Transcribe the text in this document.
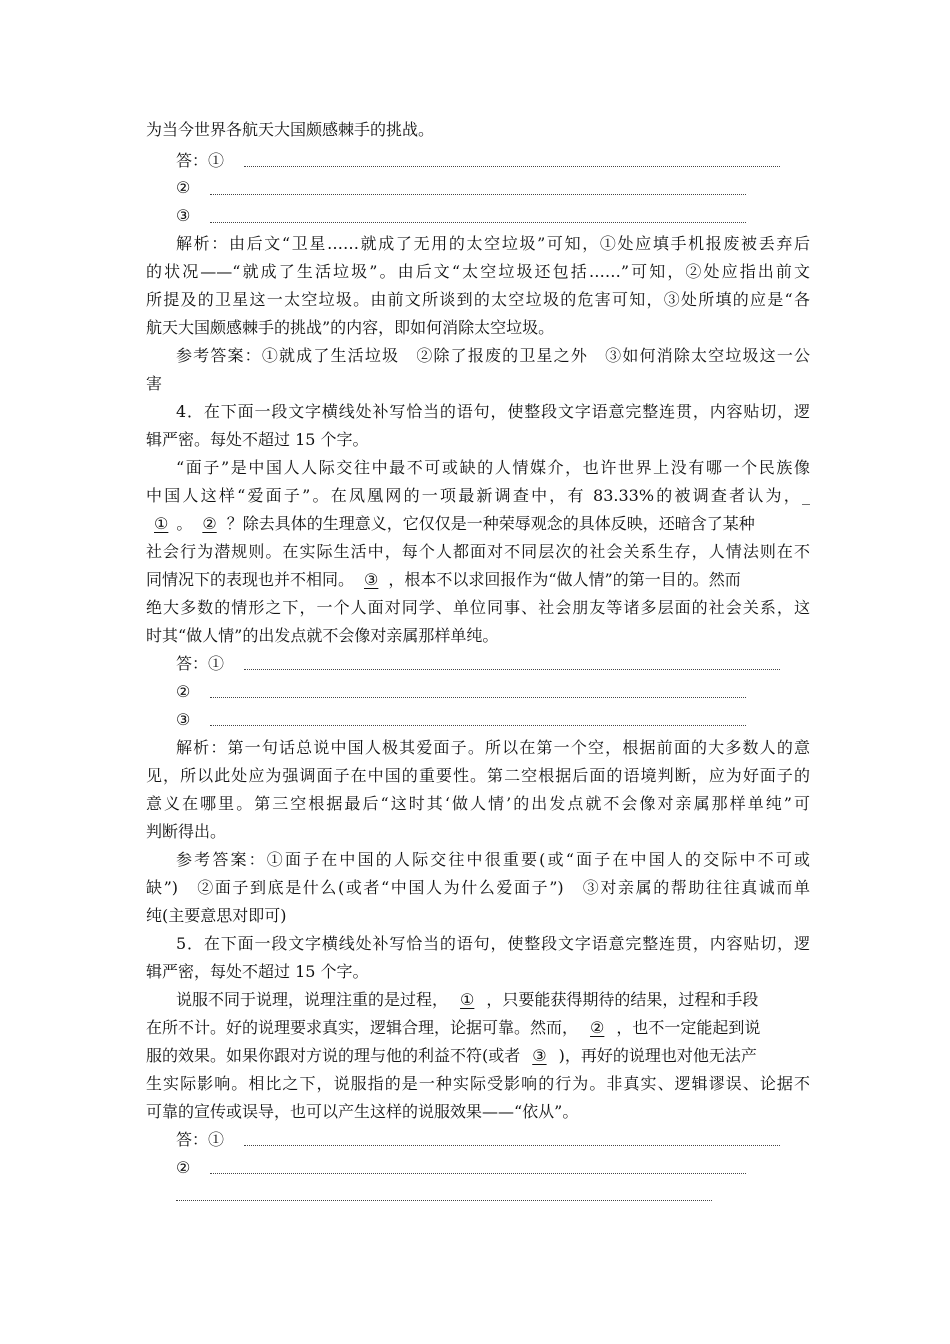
为当今世界各航天大国颇感棘手的挑战。
答：①
②
③
解析：由后文“卫星……就成了无用的太空垃圾”可知，①处应填手机报废被丢弃后
的状况——“就成了生活垃圾”。由后文“太空垃圾还包括……”可知，②处应指出前文
所提及的卫星这一太空垃圾。由前文所谈到的太空垃圾的危害可知，③处所填的应是“各
航天大国颇感棘手的挑战”的内容，即如何消除太空垃圾。
参考答案：①就成了生活垃圾　②除了报废的卫星之外　③如何消除太空垃圾这一公
害
4．在下面一段文字横线处补写恰当的语句，使整段文字语意完整连贯，内容贴切，逻
辑严密。每处不超过 15 个字。
“面子”是中国人人际交往中最不可或缺的人情媒介，也许世界上没有哪一个民族像
中国人这样“爱面子”。在凤凰网的一项最新调查中，有 83.33%的被调查者认为，_
① 。 ② ？除去具体的生理意义，它仅仅是一种荣辱观念的具体反映，还暗含了某种
社会行为潜规则。在实际生活中，每个人都面对不同层次的社会关系生存，人情法则在不
同情况下的表现也并不相同。 ③ ，根本不以求回报作为“做人情”的第一目的。然而
绝大多数的情形之下，一个人面对同学、单位同事、社会朋友等诸多层面的社会关系，这
时其“做人情”的出发点就不会像对亲属那样单纯。
答：①
②
③
解析：第一句话总说中国人极其爱面子。所以在第一个空，根据前面的大多数人的意
见，所以此处应为强调面子在中国的重要性。第二空根据后面的语境判断，应为好面子的
意义在哪里。第三空根据最后“这时其‘做人情’的出发点就不会像对亲属那样单纯”可
判断得出。
参考答案：①面子在中国的人际交往中很重要(或“面子在中国人的交际中不可或
缺”)　②面子到底是什么(或者“中国人为什么爱面子”)　③对亲属的帮助往往真诚而单
纯(主要意思对即可)
5．在下面一段文字横线处补写恰当的语句，使整段文字语意完整连贯，内容贴切，逻
辑严密，每处不超过 15 个字。
说服不同于说理，说理注重的是过程， ① ，只要能获得期待的结果，过程和手段
在所不计。好的说理要求真实，逻辑合理，论据可靠。然而， ② ，也不一定能起到说
服的效果。如果你跟对方说的理与他的利益不符(或者 ③ )，再好的说理也对他无法产
生实际影响。相比之下，说服指的是一种实际受影响的行为。非真实、逻辑谬误、论据不
可靠的宣传或误导，也可以产生这样的说服效果——“依从”。
答：①
②
